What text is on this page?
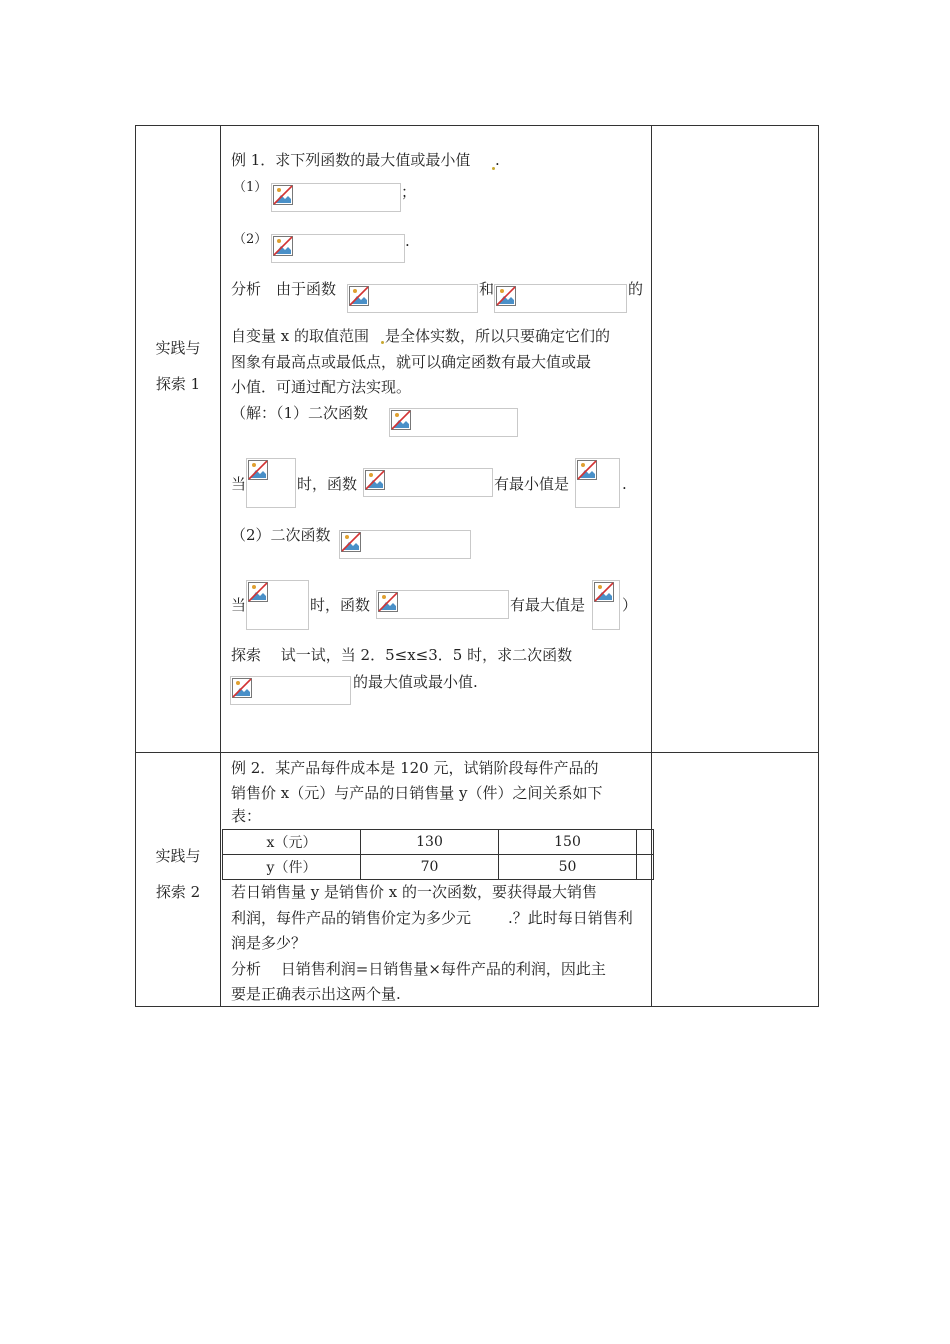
实践与
探索 1
实践与
探索 2
例 1．求下列函数的最大值或最小值 .
（1）	；
（2）	.
分析　由于函数	和	的
自变量 x 的取值范围 是全体实数，所以只要确定它们的
图象有最高点或最低点，就可以确定函数有最大值或最
小值．可通过配方法实现。
（解：（1）二次函数
当	时，函数	有最小值是	.
（2）二次函数
当	时，函数	有最大值是 ）
探索　 试一试，当 2．5≤x≤3．5 时，求二次函数
的最大值或最小值.
例 2．某产品每件成本是 120 元，试销阶段每件产品的
销售价 x（元）与产品的日销售量 y（件）之间关系如下
表：
x（元）	130	150	
y（件）	70	50	
若日销售量 y 是销售价 x 的一次函数，要获得最大销售
利润，每件产品的销售价定为多少元 .？此时每日销售利
润是多少？
分析　 日销售利润=日销售量×每件产品的利润，因此主
要是正确表示出这两个量.
